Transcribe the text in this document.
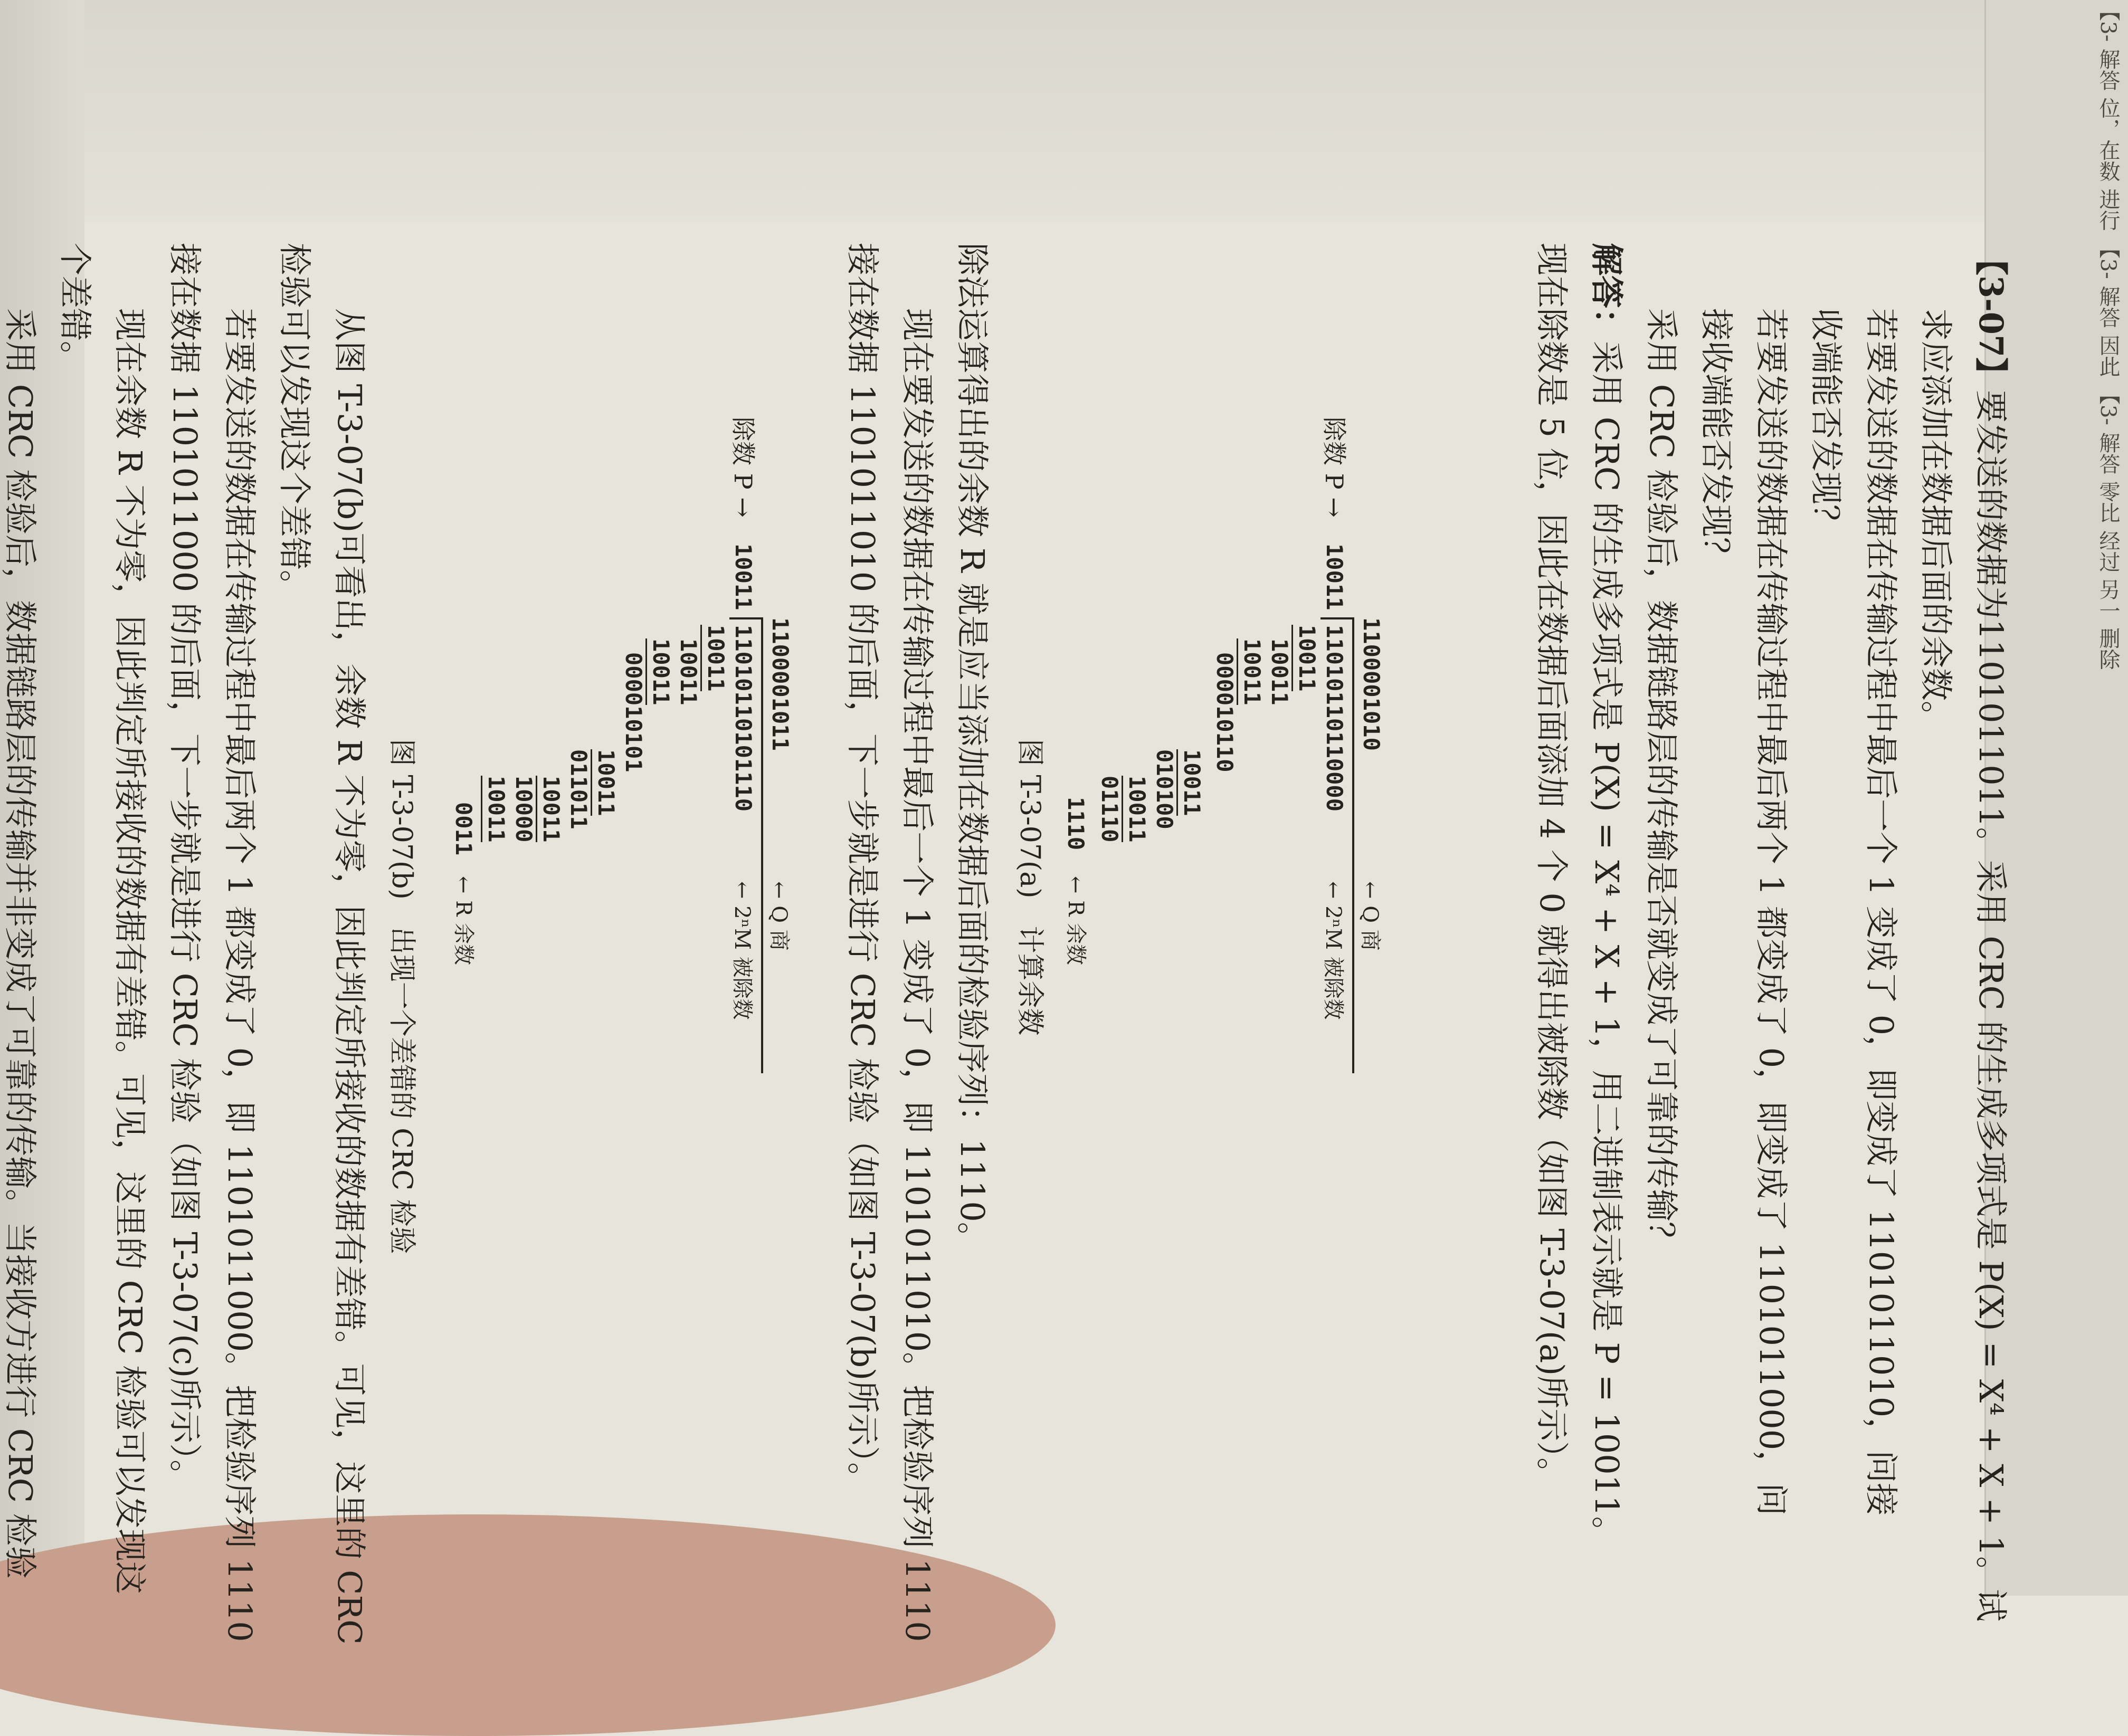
【3- 解答 位，在数 进行 【3- 解答 因此 【3- 解答 零比 经过 另一 删除
【3-07】要发送的数据为1101011011。采用 CRC 的生成多项式是 P(X) = X⁴ + X + 1。试
求应添加在数据后面的余数。
若要发送的数据在传输过程中最后一个 1 变成了 0，即变成了 1101011010，问接
收端能否发现？
若要发送的数据在传输过程中最后两个 1 都变成了 0，即变成了 1101011000，问
接收端能否发现？
采用 CRC 检验后，数据链路层的传输是否就变成了可靠的传输？
解答：采用 CRC 的生成多项式是 P(X) = X⁴ + X + 1，用二进制表示就是 P = 10011。
现在除数是 5 位，因此在数据后面添加 4 个 0 就得出被除数（如图 T-3-07(a)所示）。
除数 P →
10011
1100001010
11010110110000
← Q 商
← 2ⁿM 被除数
10011
10011
10011
000010110
10011
010100
10011
01110
1110
← R 余数
图 T-3-07(a)　计算余数
除法运算得出的余数 R 就是应当添加在数据后面的检验序列：1110。
现在要发送的数据在传输过程中最后一个 1 变成了 0，即 1101011010。把检验序列 1110
接在数据 1101011010 的后面，下一步就是进行 CRC 检验（如图 T-3-07(b)所示）。
除数 P →
10011
1100001011
11010110101110
← Q 商
← 2ⁿM 被除数
10011
10011
10011
000010101
10011
011011
10011
10000
10011
0011
← R 余数
图 T-3-07(b)　出现一个差错的 CRC 检验
从图 T-3-07(b)可看出，余数 R 不为零，因此判定所接收的数据有差错。可见，这里的 CRC
检验可以发现这个差错。
若要发送的数据在传输过程中最后两个 1 都变成了 0，即 1101011000。把检验序列 1110
接在数据 1101011000 的后面，下一步就是进行 CRC 检验（如图 T-3-07(c)所示）。
现在余数 R 不为零，因此判定所接收的数据有差错。可见，这里的 CRC 检验可以发现这
个差错。
采用 CRC 检验后，数据链路层的传输并非变成了可靠的传输。当接收方进行 CRC 检验
